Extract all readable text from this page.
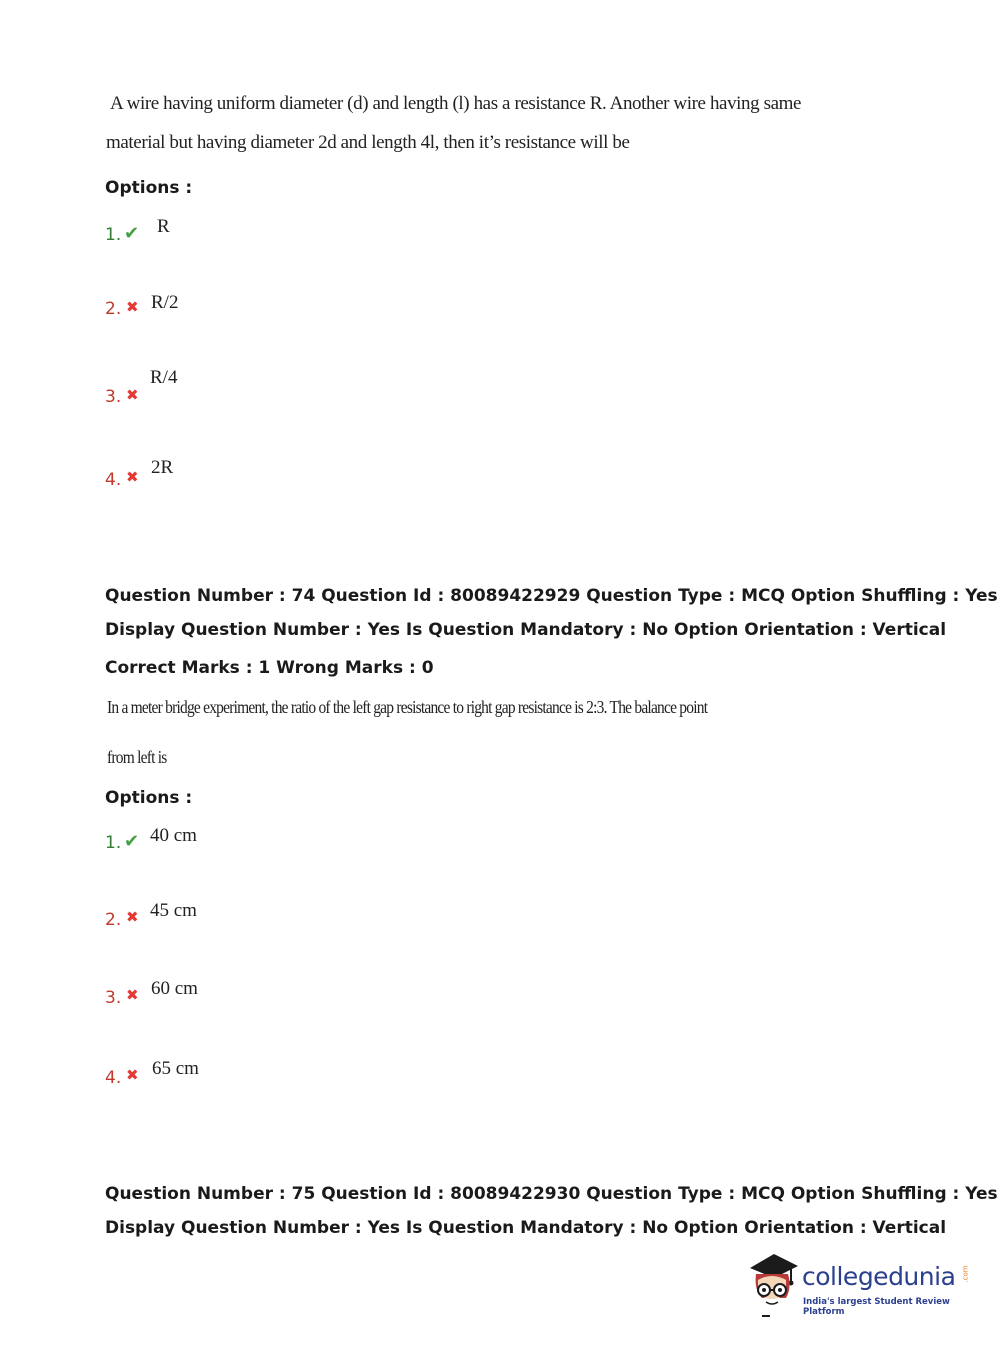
A wire having uniform diameter (d) and length (l) has a resistance R. Another wire having same
material but having diameter 2d and length 4l, then it’s resistance will be
Options :
1. ✔ R
2. ✖ R/2
3. ✖
R/4
4. ✖ 2R
Question Number : 74 Question Id : 80089422929 Question Type : MCQ Option Shuffling : Yes
Display Question Number : Yes Is Question Mandatory : No Option Orientation : Vertical
Correct Marks : 1 Wrong Marks : 0
In a meter bridge experiment, the ratio of the left gap resistance to right gap resistance is 2:3. The balance point
from left is
Options :
1. ✔ 40 cm
2. ✖ 45 cm
3. ✖ 60 cm
4. ✖ 65 cm
Question Number : 75 Question Id : 80089422930 Question Type : MCQ Option Shuffling : Yes
Display Question Number : Yes Is Question Mandatory : No Option Orientation : Vertical
collegedunia .com
India's largest Student Review Platform
